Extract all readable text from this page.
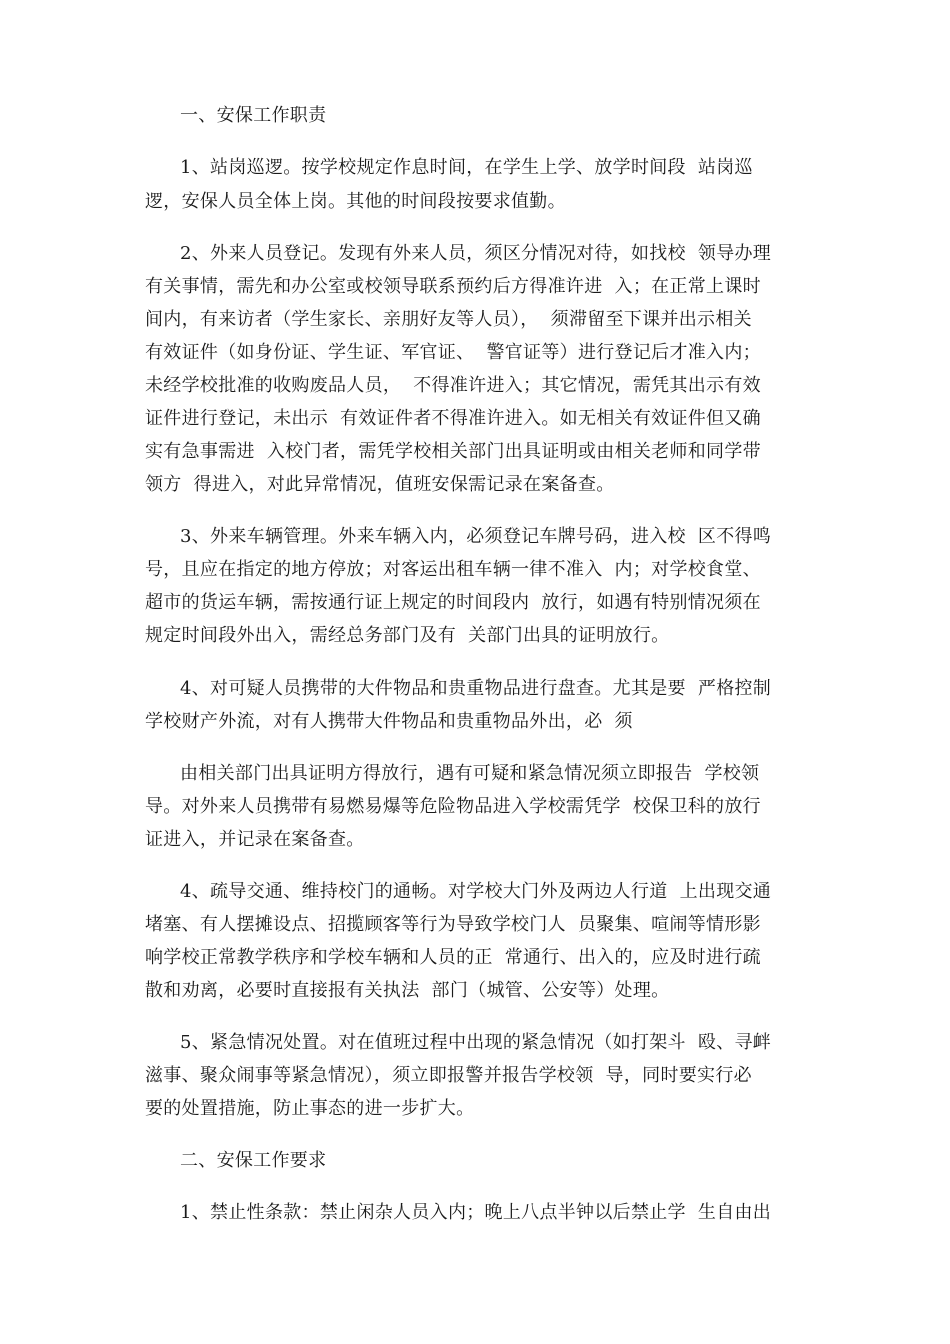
一、安保工作职责
1、站岗巡逻。按学校规定作息时间，在学生上学、放学时间段  站岗巡
逻，安保人员全体上岗。其他的时间段按要求值勤。
2、外来人员登记。发现有外来人员，须区分情况对待，如找校  领导办理
有关事情，需先和办公室或校领导联系预约后方得准许进  入；在正常上课时
间内，有来访者（学生家长、亲朋好友等人员），  须滞留至下课并出示相关
有效证件（如身份证、学生证、军官证、  警官证等）进行登记后才准入内；
未经学校批准的收购废品人员，  不得准许进入；其它情况，需凭其出示有效
证件进行登记，未出示  有效证件者不得准许进入。如无相关有效证件但又确
实有急事需进  入校门者，需凭学校相关部门出具证明或由相关老师和同学带
领方  得进入，对此异常情况，值班安保需记录在案备查。
3、外来车辆管理。外来车辆入内，必须登记车牌号码，进入校  区不得鸣
号，且应在指定的地方停放；对客运出租车辆一律不准入  内；对学校食堂、
超市的货运车辆，需按通行证上规定的时间段内  放行，如遇有特别情况须在
规定时间段外出入，需经总务部门及有  关部门出具的证明放行。
4、对可疑人员携带的大件物品和贵重物品进行盘查。尤其是要  严格控制
学校财产外流，对有人携带大件物品和贵重物品外出，必  须
由相关部门出具证明方得放行，遇有可疑和紧急情况须立即报告  学校领
导。对外来人员携带有易燃易爆等危险物品进入学校需凭学  校保卫科的放行
证进入，并记录在案备查。
4、疏导交通、维持校门的通畅。对学校大门外及两边人行道  上出现交通
堵塞、有人摆摊设点、招揽顾客等行为导致学校门人  员聚集、喧闹等情形影
响学校正常教学秩序和学校车辆和人员的正  常通行、出入的，应及时进行疏
散和劝离，必要时直接报有关执法  部门（城管、公安等）处理。
5、紧急情况处置。对在值班过程中出现的紧急情况（如打架斗  殴、寻衅
滋事、聚众闹事等紧急情况），须立即报警并报告学校领  导，同时要实行必
要的处置措施，防止事态的进一步扩大。
二、安保工作要求
1、禁止性条款：禁止闲杂人员入内；晚上八点半钟以后禁止学  生自由出
